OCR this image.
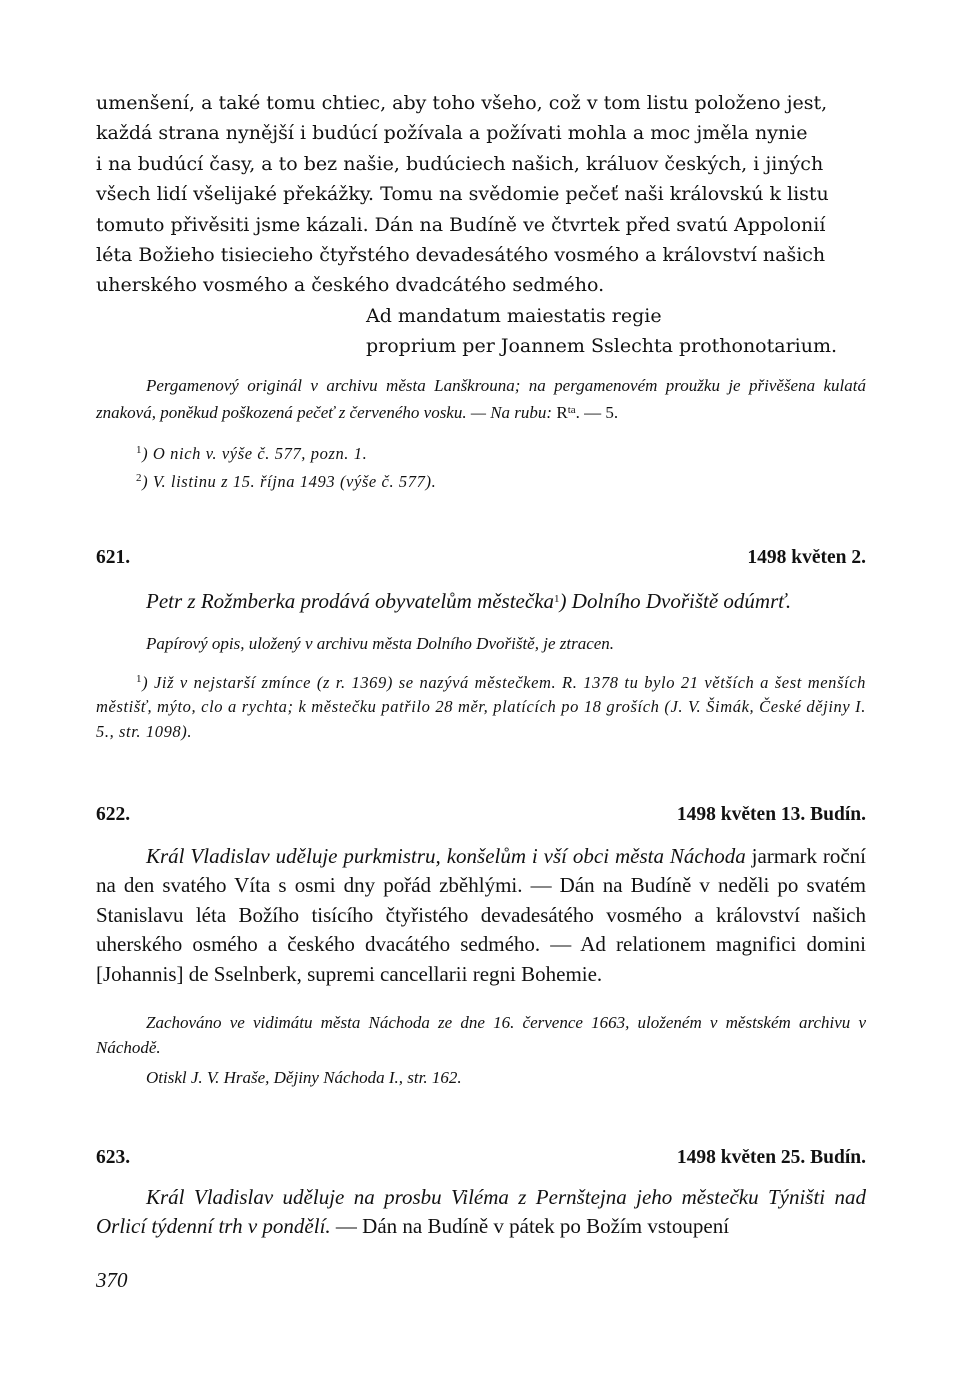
umenšení, a také tomu chtiec, aby toho všeho, což v tom listu položeno jest,

každá strana nynější i budúcí požívala a požívati mohla a moc jměla nynie

i na budúcí časy, a to bez našie, budúciech našich, králuov českých, i jiných

všech lidí všelijaké překážky. Tomu na svědomie pečeť naši královskú k listu

tomuto přivěsiti jsme kázali. Dán na Budíně ve čtvrtek před svatú Appolonií

léta Božieho tisiecieho čtyřstého devadesátého vosmého a království našich

uherského vosmého a českého dvadcátého sedmého.

Ad mandatum maiestatis regie

proprium per Joannem Sslechta prothonotarium.

Pergamenový originál v archivu města Lanškrouna; na pergamenovém proužku je přivěšena kulatá znaková, poněkud poškozená pečeť z červeného vosku. — Na rubu: $R^{ta}$. — 5.

$^1$) O nich v. výše č. 577, pozn. 1.

$^2$) V. listinu z 15. října 1493 (výše č. 577).

621.	1498 květen 2.

Petr z Rožmberka prodává obyvatelům městečka$^1$) Dolního Dvořiště odúmrť.

Papírový opis, uložený v archivu města Dolního Dvořiště, je ztracen.

$^1$) Již v nejstarší zmínce (z r. 1369) se nazývá městečkem. R. 1378 tu bylo 21 větších a šest menších městišť, mýto, clo a rychta; k městečku patřilo 28 měr, platících po 18 groších (J. V. Šimák, České dějiny I. 5., str. 1098).

622.	1498 květen 13. Budín.

Král Vladislav uděluje purkmistru, konšelům i vší obci města Náchoda jarmark roční na den svatého Víta s osmi dny pořád zběhlými. — Dán na Budíně v neděli po svatém Stanislavu léta Božího tisícího čtyřistého devadesátého vosmého a království našich uherského osmého a českého dvacátého sedmého. — Ad relationem magnifici domini [Johannis] de Sselnberk, supremi cancellarii regni Bohemie.

Zachováno ve vidimátu města Náchoda ze dne 16. července 1663, uloženém v městském archivu v Náchodě.

Otiskl J. V. Hraše, Dějiny Náchoda I., str. 162.

623.	1498 květen 25. Budín.

Král Vladislav uděluje na prosbu Viléma z Pernštejna jeho městečku Týništi nad Orlicí týdenní trh v pondělí. — Dán na Budíně v pátek po Božím vstoupení

370
